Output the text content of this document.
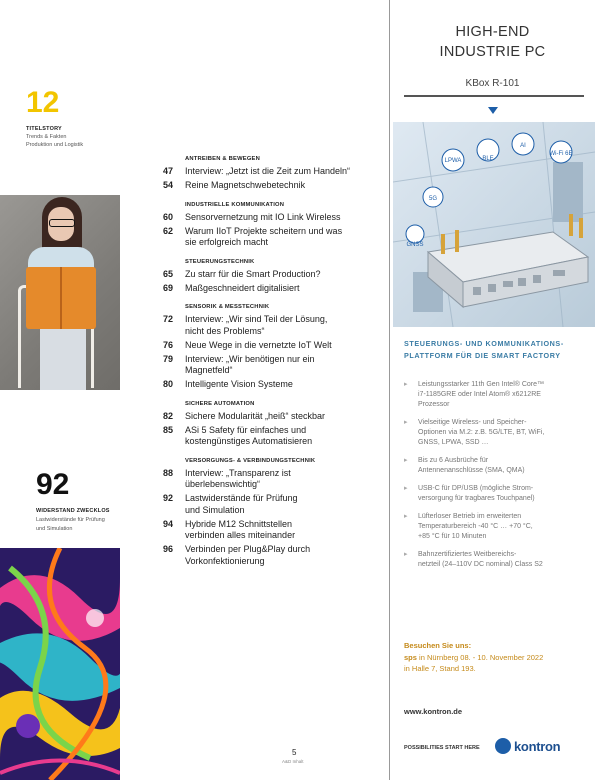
12
TITELSTORY
Trends & Fakten
Produktion und Logistik
92
WIDERSTAND ZWECKLOS
Lastwiderstände für Prüfung
und Simulation
ANTREIBEN & BEWEGEN
47	Interview: „Jetzt ist die Zeit zum Handeln“
54	Reine Magnetschwebetechnik
INDUSTRIELLE KOMMUNIKATION
60	Sensorvernetzung mit IO Link Wireless
62	Warum IIoT Projekte scheitern und was
sie erfolgreich macht
STEUERUNGSTECHNIK
65	Zu starr für die Smart Production?
69	Maßgeschneidert digitalisiert
SENSORIK & MESSTECHNIK
72	Interview: „Wir sind Teil der Lösung,
nicht des Problems“
76	Neue Wege in die vernetzte IoT Welt
79	Interview: „Wir benötigen nur ein
Magnetfeld“
80	Intelligente Vision Systeme
SICHERE AUTOMATION
82	Sichere Modularität „heiß“ steckbar
85	ASi 5 Safety für einfaches und
kostengünstiges Automatisieren
VERSORGUNGS- & VERBINDUNGSTECHNIK
88	Interview: „Transparenz ist
überlebenswichtig“
92	Lastwiderstände für Prüfung
und Simulation
94	Hybride M12 Schnittstellen
verbinden alles miteinander
96	Verbinden per Plug&Play durch
Vorkonfektionierung
5
A&D Inhalt
HIGH-END
INDUSTRIE PC
KBox R-101
LPWA	BLE
AI
Wi-Fi 6E
5G
GNSS
STEUERUNGS- UND KOMMUNIKATIONS-
PLATTFORM FÜR DIE SMART FACTORY
▸	Leistungsstarker 11th Gen Intel® Core™
i7-1185GRE oder Intel Atom® x6212RE
Prozessor
▸	Vielseitige Wireless- und Speicher-
Optionen via M.2: z.B. 5G/LTE, BT, WiFi,
GNSS, LPWA, SSD …
▸	Bis zu 6 Ausbrüche für
Antennenanschlüsse (SMA, QMA)
▸	USB-C für DP/USB (mögliche Strom-
versorgung für tragbares Touchpanel)
▸	Lüfterloser Betrieb im erweiterten
Temperaturbereich -40 °C … +70 °C,
+85 °C für 10 Minuten
▸	Bahnzertifiziertes Weitbereichs-
netzteil (24–110V DC nominal) Class S2
Besuchen Sie uns:
sps in Nürnberg 08. - 10. November 2022
in Halle 7, Stand 193.
www.kontron.de
POSSIBILITIES START HERE	kontron
